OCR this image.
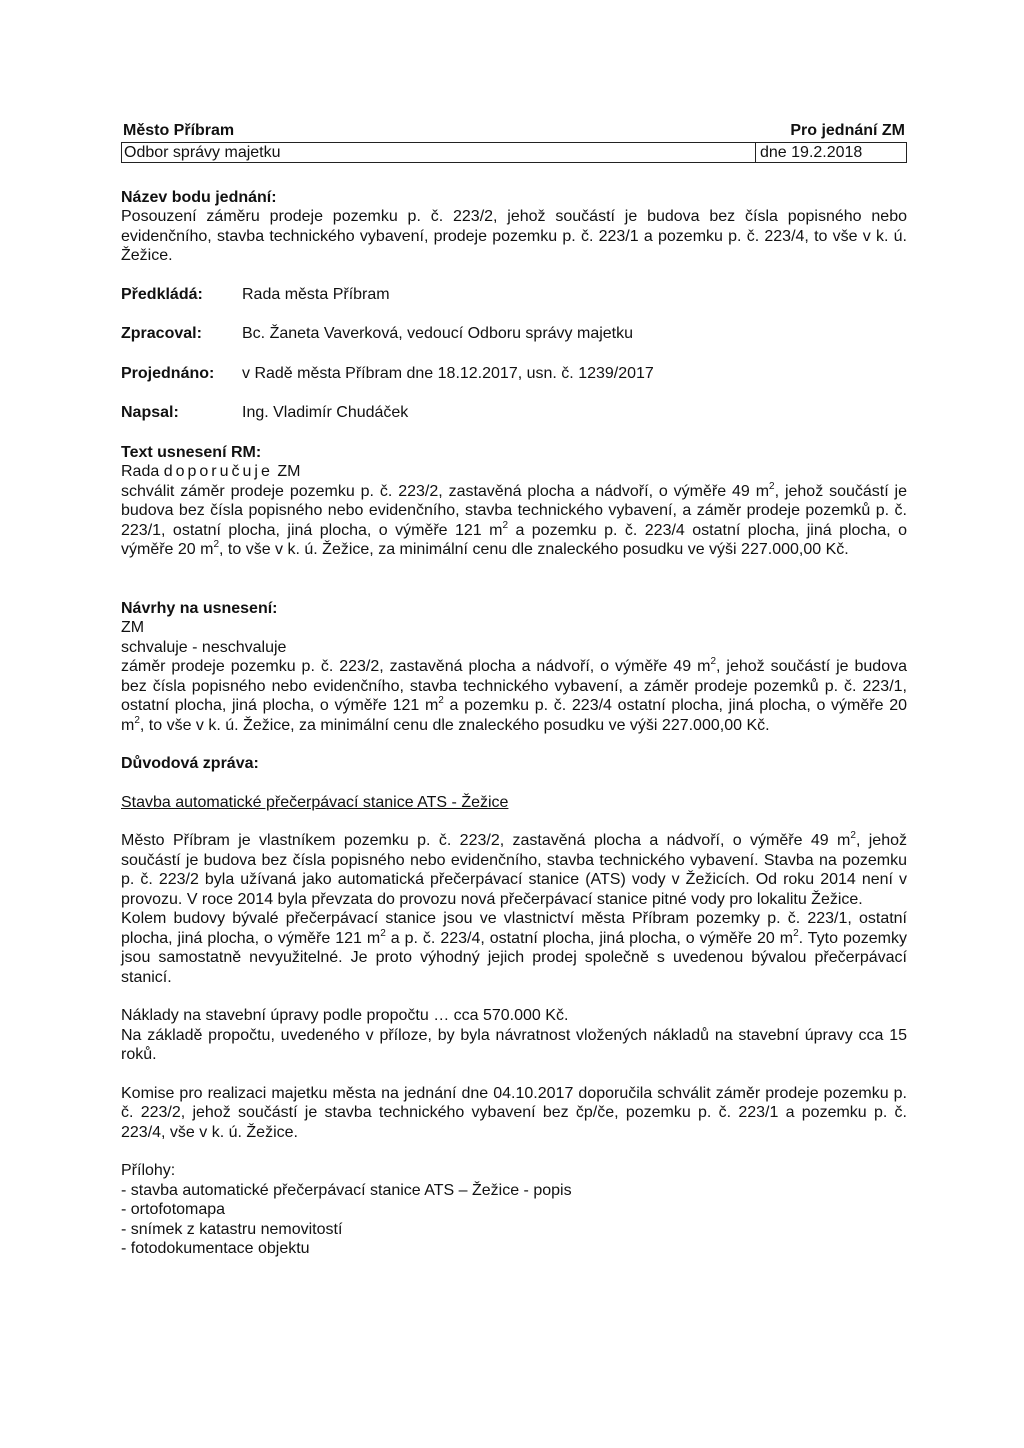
Město Příbram	Pro jednání ZM
Odbor správy majetku	dne 19.2.2018

Název bodu jednání:

Posouzení záměru prodeje pozemku p. č. 223/2, jehož součástí je budova bez čísla popisného nebo evidenčního, stavba technického vybavení, prodeje pozemku p. č. 223/1 a pozemku p. č. 223/4, to vše v k. ú. Žežice.

Předkládá:	Rada města Příbram
Zpracoval:	Bc. Žaneta Vaverková, vedoucí Odboru správy majetku
Projednáno:	v Radě města Příbram dne 18.12.2017, usn. č. 1239/2017
Napsal:	Ing. Vladimír Chudáček

Text usnesení RM:

Rada doporučuje ZM

schválit záměr prodeje pozemku p. č. 223/2, zastavěná plocha a nádvoří, o výměře 49 $m^2$, jehož součástí je budova bez čísla popisného nebo evidenčního, stavba technického vybavení, a záměr prodeje pozemků p. č. 223/1, ostatní plocha, jiná plocha, o výměře 121 $m^2$ a pozemku p. č. 223/4 ostatní plocha, jiná plocha, o výměře 20 $m^2$, to vše v k. ú. Žežice, za minimální cenu dle znaleckého posudku ve výši 227.000,00 Kč.

Návrhy na usnesení:

ZM

schvaluje - neschvaluje

záměr prodeje pozemku p. č. 223/2, zastavěná plocha a nádvoří, o výměře 49 $m^2$, jehož součástí je budova bez čísla popisného nebo evidenčního, stavba technického vybavení, a záměr prodeje pozemků p. č. 223/1, ostatní plocha, jiná plocha, o výměře 121 $m^2$ a pozemku p. č. 223/4 ostatní plocha, jiná plocha, o výměře 20 $m^2$, to vše v k. ú. Žežice, za minimální cenu dle znaleckého posudku ve výši 227.000,00 Kč.

Důvodová zpráva:

Stavba automatické přečerpávací stanice ATS - Žežice

Město Příbram je vlastníkem pozemku p. č. 223/2, zastavěná plocha a nádvoří, o výměře 49 $m^2$, jehož součástí je budova bez čísla popisného nebo evidenčního, stavba technického vybavení. Stavba na pozemku p. č. 223/2 byla užívaná jako automatická přečerpávací stanice (ATS) vody v Žežicích. Od roku 2014 není v provozu. V roce 2014 byla převzata do provozu nová přečerpávací stanice pitné vody pro lokalitu Žežice.

Kolem budovy bývalé přečerpávací stanice jsou ve vlastnictví města Příbram pozemky p. č. 223/1, ostatní plocha, jiná plocha, o výměře 121 $m^2$ a p. č. 223/4, ostatní plocha, jiná plocha, o výměře 20 $m^2$. Tyto pozemky jsou samostatně nevyužitelné. Je proto výhodný jejich prodej společně s uvedenou bývalou přečerpávací stanicí.

Náklady na stavební úpravy podle propočtu … cca 570.000 Kč.

Na základě propočtu, uvedeného v příloze, by byla návratnost vložených nákladů na stavební úpravy cca 15 roků.

Komise pro realizaci majetku města na jednání dne 04.10.2017 doporučila schválit záměr prodeje pozemku p. č. 223/2, jehož součástí je stavba technického vybavení bez čp/če, pozemku p. č. 223/1 a pozemku p. č. 223/4, vše v k. ú. Žežice.

Přílohy:

- stavba automatické přečerpávací stanice ATS – Žežice - popis

- ortofotomapa

- snímek z katastru nemovitostí

- fotodokumentace objektu
